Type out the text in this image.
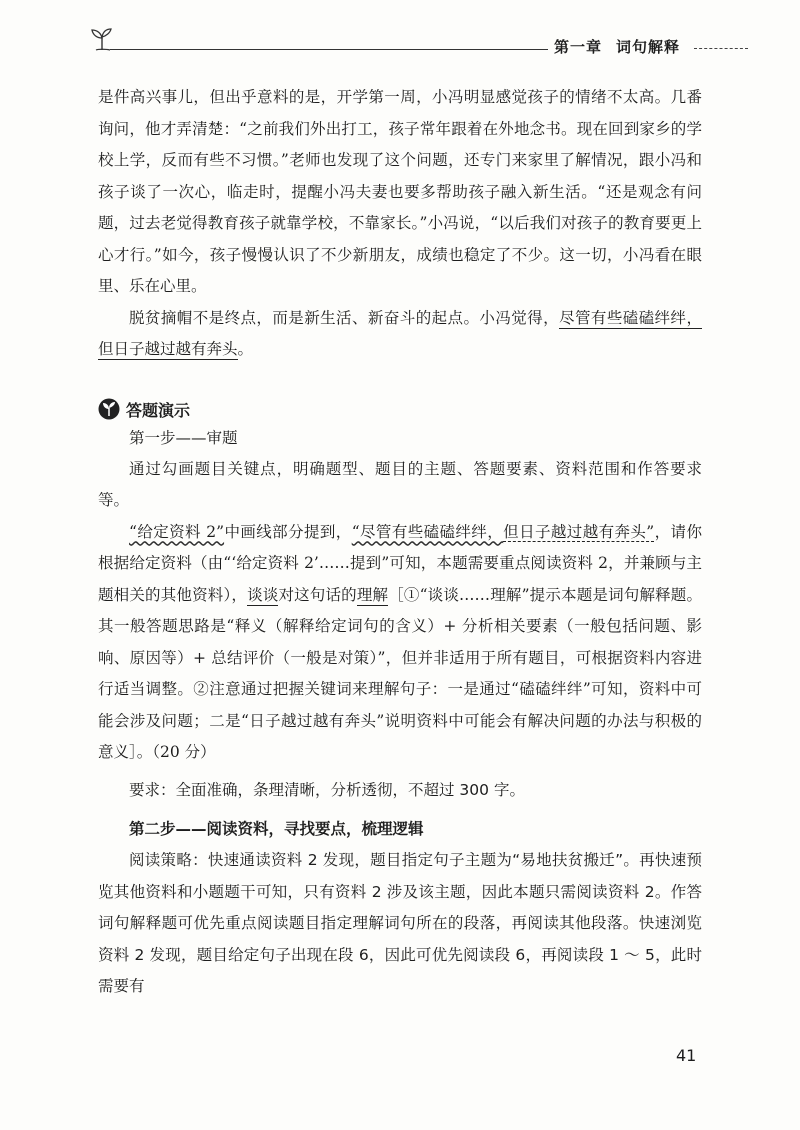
第一章 词句解释

是件高兴事儿，但出乎意料的是，开学第一周，小冯明显感觉孩子的情绪不太高。几番询问，他才弄清楚：“之前我们外出打工，孩子常年跟着在外地念书。现在回到家乡的学校上学，反而有些不习惯。”老师也发现了这个问题，还专门来家里了解情况，跟小冯和孩子谈了一次心，临走时，提醒小冯夫妻也要多帮助孩子融入新生活。“还是观念有问题，过去老觉得教育孩子就靠学校，不靠家长。”小冯说，“以后我们对孩子的教育要更上心才行。”如今，孩子慢慢认识了不少新朋友，成绩也稳定了不少。这一切，小冯看在眼里、乐在心里。

脱贫摘帽不是终点，而是新生活、新奋斗的起点。小冯觉得，尽管有些磕磕绊绊，但日子越过越有奔头。

答题演示

第一步——审题

通过勾画题目关键点，明确题型、题目的主题、答题要素、资料范围和作答要求等。

“给定资料 2”中画线部分提到，“尽管有些磕磕绊绊，但日子越过越有奔头”，请你根据给定资料（由“‘给定资料 2’……提到”可知，本题需要重点阅读资料 2，并兼顾与主题相关的其他资料），谈谈对这句话的理解［①“谈谈……理解”提示本题是词句解释题。其一般答题思路是“释义（解释给定词句的含义）+ 分析相关要素（一般包括问题、影响、原因等）+ 总结评价（一般是对策）”，但并非适用于所有题目，可根据资料内容进行适当调整。②注意通过把握关键词来理解句子：一是通过“磕磕绊绊”可知，资料中可能会涉及问题；二是“日子越过越有奔头”说明资料中可能会有解决问题的办法与积极的意义］。（20 分）

要求：全面准确，条理清晰，分析透彻，不超过 300 字。

第二步——阅读资料，寻找要点，梳理逻辑

阅读策略：快速通读资料 2 发现，题目指定句子主题为“易地扶贫搬迁”。再快速预览其他资料和小题题干可知，只有资料 2 涉及该主题，因此本题只需阅读资料 2。作答词句解释题可优先重点阅读题目指定理解词句所在的段落，再阅读其他段落。快速浏览资料 2 发现，题目给定句子出现在段 6，因此可优先阅读段 6，再阅读段 1 ～ 5，此时需要有

41
